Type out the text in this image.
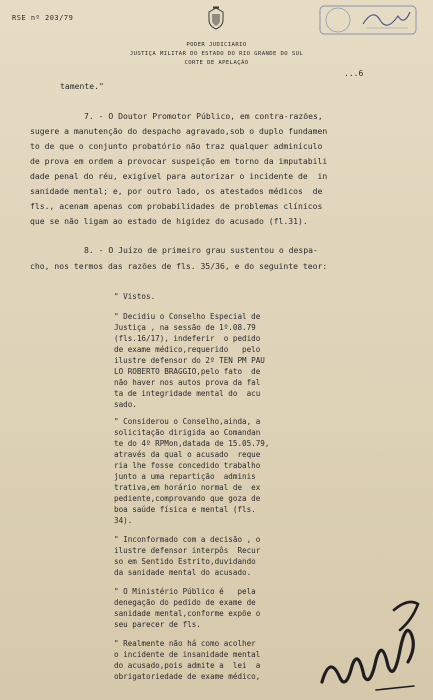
RSE nº 203/79
PODER JUDICIARIO
JUSTIÇA MILITAR DO ESTADO DO RIO GRANDE DO SUL
CORTE DE APELAÇÃO
...6
tamente."
7. - O Doutor Promotor Público, em contra-razões,
sugere a manutenção do despacho agravado,sob o duplo fundamen
to de que o conjunto probatório não traz qualquer adminículo
de prova em ordem a provocar suspeição em torno da imputabili
dade penal do réu, exigível para autorizar o incidente de  in
sanidade mental; e, por outro lado, os atestados médicos  de
fls., acenam apenas com probabilidades de problemas clínicos
que se não ligam ao estado de higidez do acusado (fl.31).
8. - O Juízo de primeiro grau sustentou o despa-
cho, nos termos das razões de fls. 35/36, e do seguinte teor:
" Vistos.
" Decidiu o Conselho Especial de
Justiça , na sessão de 1º.08.79
(fls.16/17), indeferir  o pedido
de exame médico,requerido   pelo
ilustre defensor do 2º TEN PM PAU
LO ROBERTO BRAGGIO,pelo fato  de
não haver nos autos prova da fal
ta de integridade mental do  acu
sado.
" Considerou o Conselho,ainda, a
solicitação dirigida ao Comandan
te do 4º RPMon,datada de 15.05.79,
através da qual o acusado  reque
ria lhe fosse concedido trabalho
junto a uma repartição  adminis
trativa,em horário normal de  ex
pediente,comprovando que goza de
boa saúde física e mental (fls.
34).
" Inconformado com a decisão , o
ilustre defensor interpôs  Recur
so em Sentido Estrito,duvidando
da sanidade mental do acusado.
" O Ministério Público é   pela
denegação do pedido de exame de
sanidade mental,conforme expõe o
seu parecer de fls.
" Realmente não há como acolher
o incidente de insanidade mental
do acusado,pois admite a  lei  a
obrigatoriedade de exame médico,
